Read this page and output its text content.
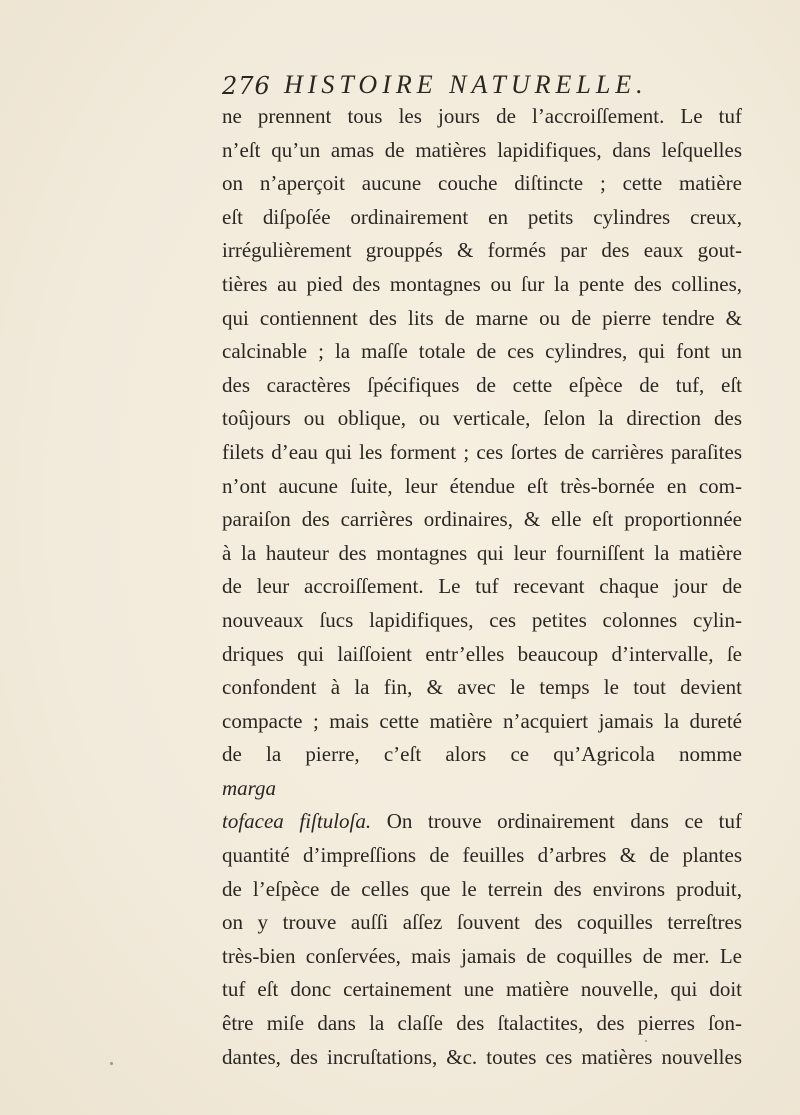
276 HISTOIRE NATURELLE.
ne prennent tous les jours de l’accroiſſement. Le tuf
n’eſt qu’un amas de matières lapidifiques, dans leſquelles
on n’aperçoit aucune couche diſtincte ; cette matière
eſt diſpoſée ordinairement en petits cylindres creux,
irrégulièrement grouppés & formés par des eaux gout-
tières au pied des montagnes ou ſur la pente des collines,
qui contiennent des lits de marne ou de pierre tendre &
calcinable ; la maſſe totale de ces cylindres, qui font un
des caractères ſpécifiques de cette eſpèce de tuf, eſt
toûjours ou oblique, ou verticale, ſelon la direction des
filets d’eau qui les forment ; ces ſortes de carrières paraſites
n’ont aucune ſuite, leur étendue eſt très-bornée en com-
paraiſon des carrières ordinaires, & elle eſt proportionnée
à la hauteur des montagnes qui leur fourniſſent la matière
de leur accroiſſement. Le tuf recevant chaque jour de
nouveaux ſucs lapidifiques, ces petites colonnes cylin-
driques qui laiſſoient entr’elles beaucoup d’intervalle, ſe
confondent à la fin, & avec le temps le tout devient
compacte ; mais cette matière n’acquiert jamais la dureté
de la pierre, c’eſt alors ce qu’Agricola nomme
marga
tofacea fiſtuloſa. On trouve ordinairement dans ce tuf
quantité d’impreſſions de feuilles d’arbres & de plantes
de l’eſpèce de celles que le terrein des environs produit,
on y trouve auſſi aſſez ſouvent des coquilles terreſtres
très-bien conſervées, mais jamais de coquilles de mer. Le
tuf eſt donc certainement une matière nouvelle, qui doit
être miſe dans la claſſe des ſtalactites, des pierres ſon-
dantes, des incruſtations, &c. toutes ces matières nouvelles
